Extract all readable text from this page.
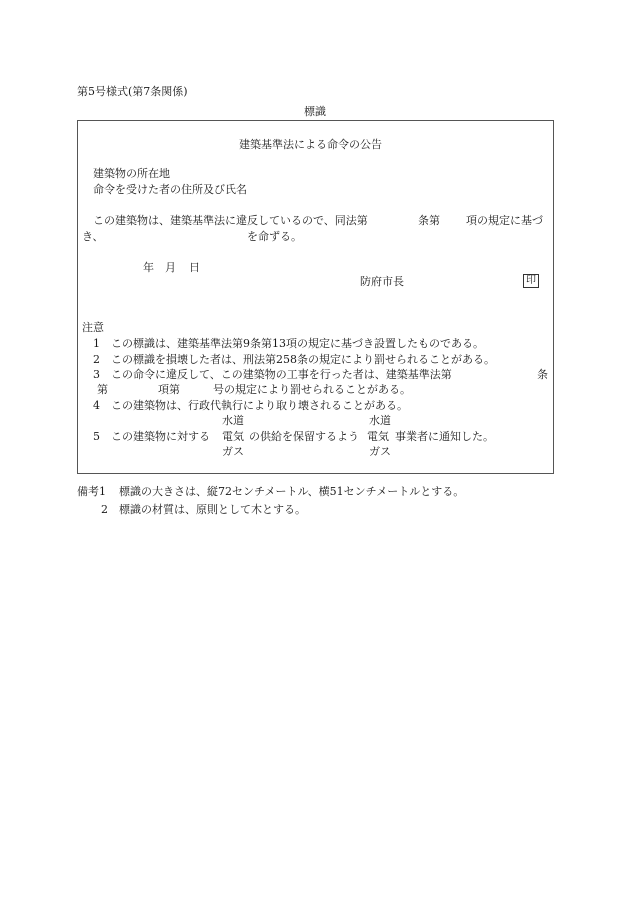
第5号様式(第7条関係)
標識
建築基準法による命令の公告
建築物の所在地
命令を受けた者の住所及び氏名
この建築物は、建築基準法に違反しているので、同法第	条第 項の規定に基づ
き、	を命ずる。
年 月 日
防府市長	印
注意
1 この標識は、建築基準法第9条第13項の規定に基づき設置したものである。
2 この標識を損壊した者は、刑法第258条の規定により罰せられることがある。
3 この命令に違反して、この建築物の工事を行った者は、建築基準法第	条
第	項第	号の規定により罰せられることがある。
4 この建築物は、行政代執行により取り壊されることがある。
水道	水道
5 この建築物に対する 電気 の供給を保留するよう 電気 事業者に通知した。
ガス	ガス
備考1 標識の大きさは、縦72センチメートル、横51センチメートルとする。
2 標識の材質は、原則として木とする。
